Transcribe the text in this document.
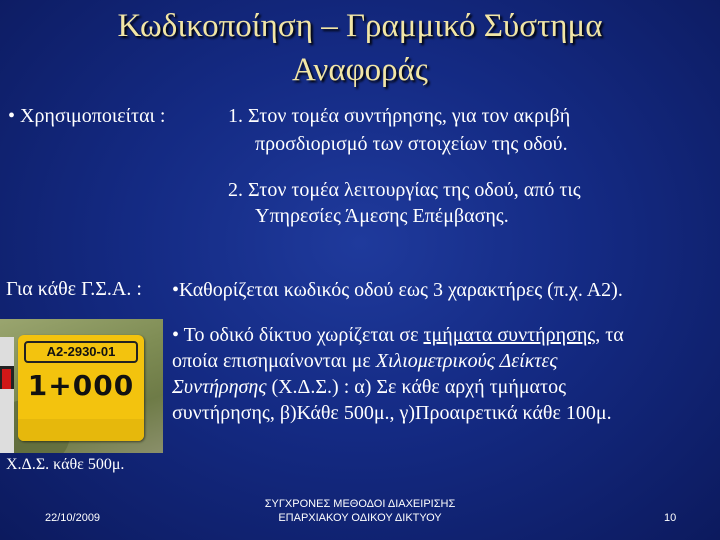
Κωδικοποίηση – Γραμμικό Σύστημα
Αναφοράς
• Χρησιμοποιείται :	1. Στον τομέα συντήρησης, για τον ακριβή
προσδιορισμό των στοιχείων της οδού.
2. Στον τομέα λειτουργίας της οδού, από τις
Υπηρεσίες Άμεσης Επέμβασης.
Για κάθε Γ.Σ.Α. : •Καθορίζεται κωδικός οδού εως 3 χαρακτήρες (π.χ. Α2).
• Το οδικό δίκτυο χωρίζεται σε τμήματα συντήρησης, τα
οποία επισημαίνονται με Χιλιομετρικούς Δείκτες
Συντήρησης (Χ.Δ.Σ.) : α) Σε κάθε αρχή τμήματος
συντήρησης, β)Κάθε 500μ., γ)Προαιρετικά κάθε 100μ.
A2-2930-01
1+000
Χ.Δ.Σ. κάθε 500μ.
22/10/2009
ΣΥΓΧΡΟΝΕΣ ΜΕΘΟΔΟΙ ΔΙΑΧΕΙΡΙΣΗΣ
ΕΠΑΡΧΙΑΚΟΥ ΟΔΙΚΟΥ ΔΙΚΤΥΟΥ	10
